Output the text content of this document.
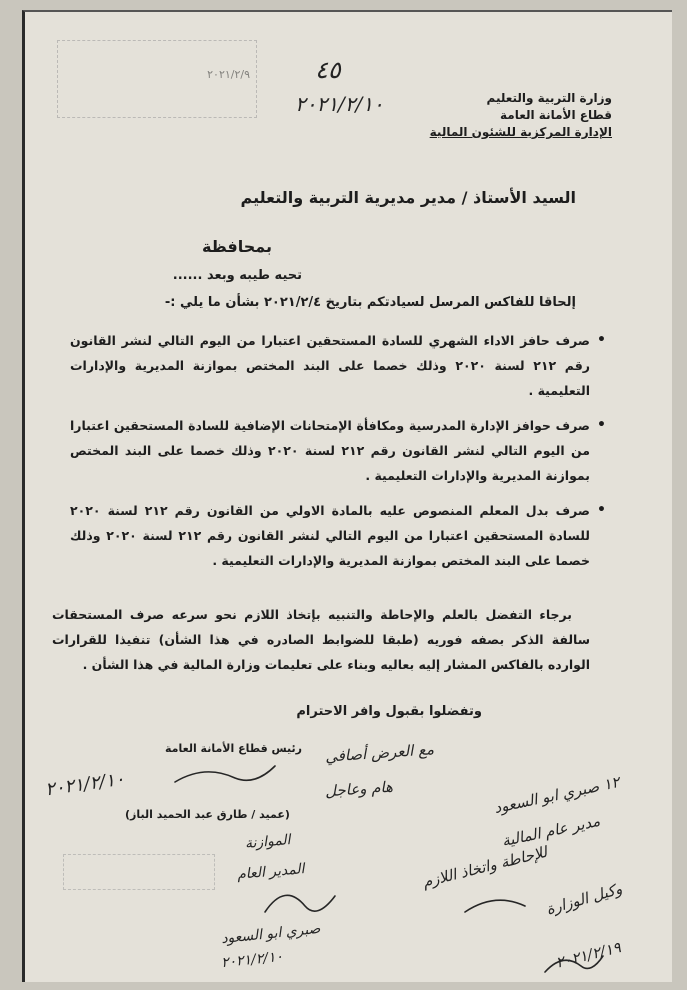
٢٠٢١/٢/٩	٤٥
٢٠٢١/٢/١٠	وزارة التربية والتعليم
قطاع الأمانة العامة
الإدارة المركزية للشئون المالية
السيد الأستاذ / مدير مديرية التربية والتعليم
بمحافظة
تحيه طيبه وبعد ......
إلحاقا للفاكس المرسل لسيادتكم بتاريخ ٢٠٢١/٢/٤ بشأن ما يلي :-
• صرف حافز الاداء الشهري للسادة المستحقين اعتبارا من اليوم التالي لنشر القانون رقم ٢١٢ لسنة ٢٠٢٠ وذلك خصما على البند المختص بموازنة المديرية والإدارات التعليمية .
• صرف حوافز الإدارة المدرسية ومكافأة الإمتحانات الإضافية للسادة المستحقين اعتبارا من اليوم التالي لنشر القانون رقم ٢١٢ لسنة ٢٠٢٠ وذلك خصما على البند المختص بموازنة المديرية والإدارات التعليمية .
• صرف بدل المعلم المنصوص عليه بالمادة الاولي من القانون رقم ٢١٢ لسنة ٢٠٢٠ للسادة المستحقين اعتبارا من اليوم التالي لنشر القانون رقم ٢١٢ لسنة ٢٠٢٠ وذلك خصما على البند المختص بموازنة المديرية والإدارات التعليمية .
برجاء التفضل بالعلم والإحاطة والتنبيه بإتخاذ اللازم نحو سرعه صرف المستحقات سالفة الذكر بصفه فوريه (طبقا للضوابط الصادره في هذا الشأن) تنفيذا للقرارات الوارده بالفاكس المشار إليه بعاليه وبناء على تعليمات وزارة المالية في هذا الشأن .
وتفضلوا بقبول وافر الاحترام
رئيس قطاع الأمانة العامة
(عميد / طارق عبد الحميد الباز)
مع العرض أصافي
هام وعاجل
٢٠٢١/٢/١٠	١٢ صبري ابو السعود
مدير عام المالية
للإحاطة واتخاذ اللازم
وكيل الوزارة
٢٠٢١/٢/١٩
الموازنة
المدير العام
صبري ابو السعود
٢٠٢١/٢/١٠
